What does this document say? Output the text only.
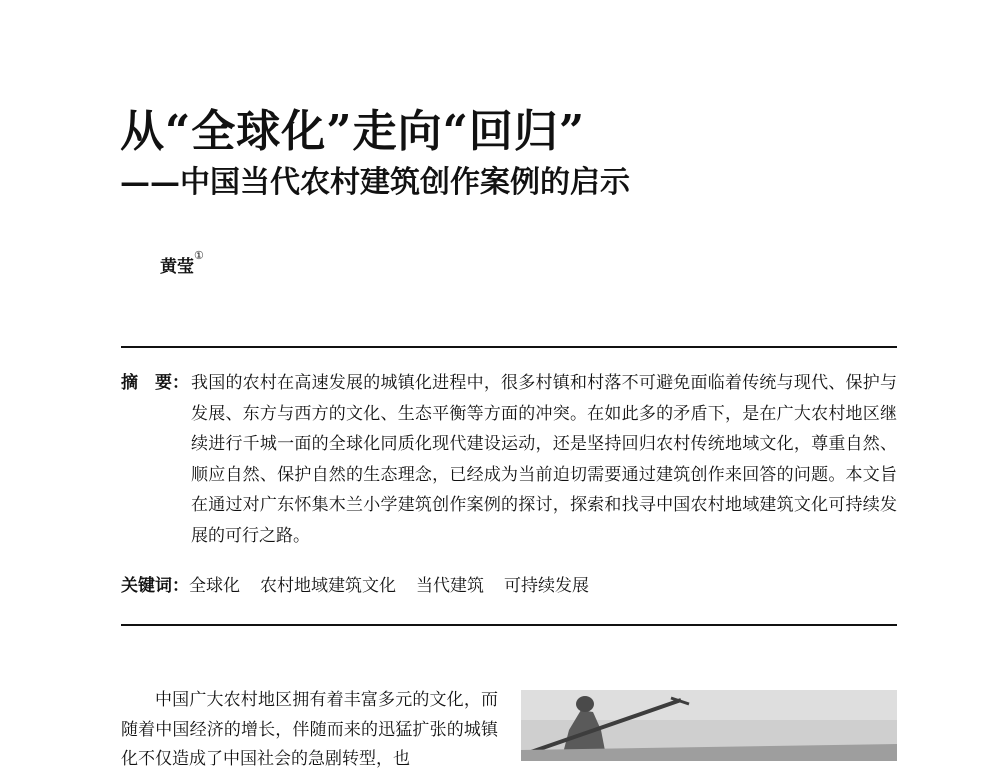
从“全球化”走向“回归”
——中国当代农村建筑创作案例的启示
黄莹①
摘　要： 我国的农村在高速发展的城镇化进程中，很多村镇和村落不可避免面临着传统与现代、保护与发展、东方与西方的文化、生态平衡等方面的冲突。在如此多的矛盾下，是在广大农村地区继续进行千城一面的全球化同质化现代建设运动，还是坚持回归农村传统地域文化，尊重自然、顺应自然、保护自然的生态理念，已经成为当前迫切需要通过建筑创作来回答的问题。本文旨在通过对广东怀集木兰小学建筑创作案例的探讨，探索和找寻中国农村地域建筑文化可持续发展的可行之路。
关键词： 全球化 农村地域建筑文化 当代建筑 可持续发展
中国广大农村地区拥有着丰富多元的文化，而随着中国经济的增长，伴随而来的迅猛扩张的城镇化不仅造成了中国社会的急剧转型，也
